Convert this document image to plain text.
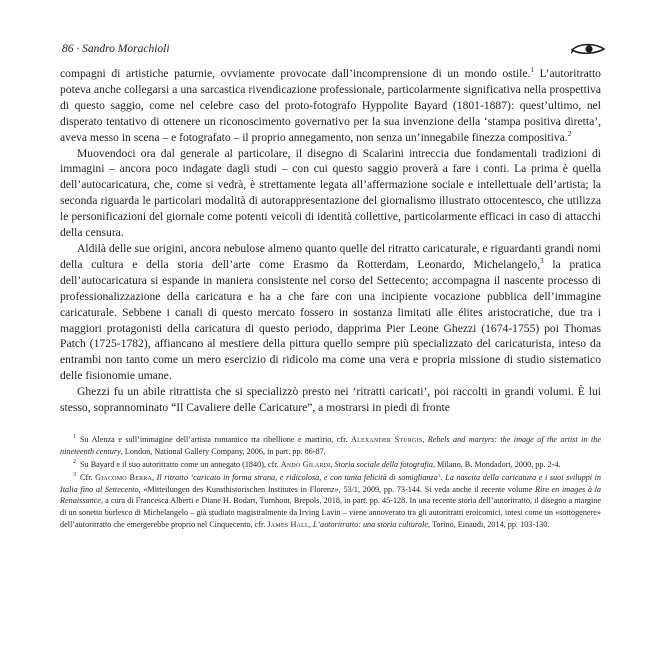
86 · Sandro Morachioli

compagni di artistiche paturnie, ovviamente provocate dall’incomprensione di un mondo ostile.$^1$ L’autoritratto poteva anche collegarsi a una sarcastica rivendicazione professionale, particolarmente significativa nella prospettiva di questo saggio, come nel celebre caso del proto-fotografo Hyppolite Bayard (1801-1887): quest’ultimo, nel disperato tentativo di ottenere un riconoscimento governativo per la sua invenzione della ‘stampa positiva diretta’, aveva messo in scena – e fotografato – il proprio annegamento, non senza un’innegabile finezza compositiva.$^2$

Muovendoci ora dal generale al particolare, il disegno di Scalarini intreccia due fondamentali tradizioni di immagini – ancora poco indagate dagli studi – con cui questo saggio proverà a fare i conti. La prima è quella dell’autocaricatura, che, come si vedrà, è strettamente legata all’affermazione sociale e intellettuale dell’artista; la seconda riguarda le particolari modalità di autorappresentazione del giornalismo illustrato ottocentesco, che utilizza le personificazioni del giornale come potenti veicoli di identità collettive, particolarmente efficaci in caso di attacchi della censura.

Aldilà delle sue origini, ancora nebulose almeno quanto quelle del ritratto caricaturale, e riguardanti grandi nomi della cultura e della storia dell’arte come Erasmo da Rotterdam, Leonardo, Michelangelo,$^3$ la pratica dell’autocaricatura si espande in maniera consistente nel corso del Settecento; accompagna il nascente processo di professionalizzazione della caricatura e ha a che fare con una incipiente vocazione pubblica dell’immagine caricaturale. Sebbene i canali di questo mercato fossero in sostanza limitati alle élites aristocratiche, due tra i maggiori protagonisti della caricatura di questo periodo, dapprima Pier Leone Ghezzi (1674-1755) poi Thomas Patch (1725-1782), affiancano al mestiere della pittura quello sempre più specializzato del caricaturista, inteso da entrambi non tanto come un mero esercizio di ridicolo ma come una vera e propria missione di studio sistematico delle fisionomie umane.

Ghezzi fu un abile ritrattista che si specializzò presto nei ‘ritratti caricati’, poi raccolti in grandi volumi. È lui stesso, soprannominato “Il Cavaliere delle Caricature”, a mostrarsi in piedi di fronte

$^1$ Su Alenza e sull’immagine dell’artista romantico tra ribellione e martirio, cfr. Alexander Sturgis, Rebels and martyrs: the image of the artist in the nineteenth century, London, National Gallery Company, 2006, in part. pp. 86-87.

$^2$ Su Bayard e il suo autoritratto come un annegato (1840), cfr. Ando Gilardi, Storia sociale della fotografia, Milano, B. Mondadori, 2000, pp. 2-4.

$^3$ Cfr. Giacomo Berra, Il ritratto ‘caricato in forma strana, e ridicolosa, e con tanta felicità di somiglianza’. La nascita della caricatura e i suoi sviluppi in Italia fino al Settecento, «Mitteilungen des Kunsthistorischen Institutes in Florenz», 53/1, 2009, pp. 73-144. Si veda anche il recente volume Rire en images à la Renaissance, a cura di Francesca Alberti e Diane H. Bodart, Turnhout, Brepols, 2018, in part. pp. 45-128. In una recente storia dell’autoritratto, il disegno a margine di un sonetto burlesco di Michelangelo – già studiato magistralmente da Irving Lavin – viene annoverato tra gli autoritratti eroicomici, intesi come un «sottogenere» dell’autoritratto che emergerebbe proprio nel Cinquecento, cfr. James Hall, L’autoritratto: una storia culturale, Torino, Einaudi, 2014, pp. 103-130.
